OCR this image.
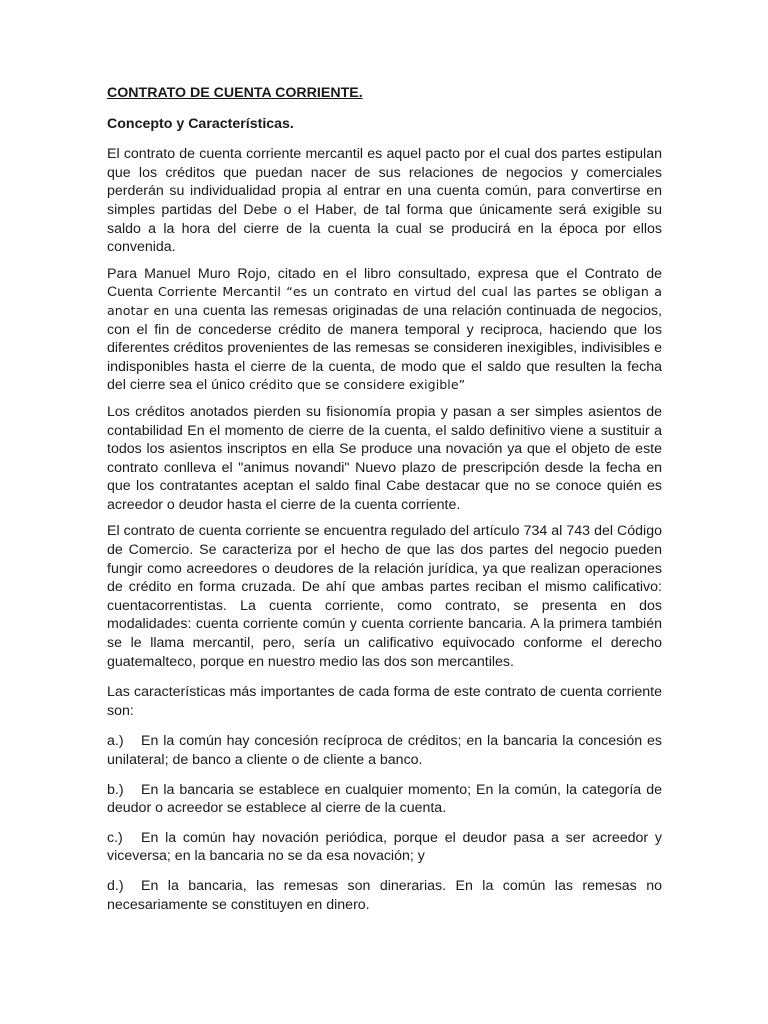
CONTRATO DE CUENTA CORRIENTE.
Concepto y Características.
El contrato de cuenta corriente mercantil es aquel pacto por el cual dos partes estipulan que los créditos que puedan nacer de sus relaciones de negocios y comerciales perderán su individualidad propia al entrar en una cuenta común, para convertirse en simples partidas del Debe o el Haber, de tal forma que únicamente será exigible su saldo a la hora del cierre de la cuenta la cual se producirá en la época por ellos convenida.
Para Manuel Muro Rojo, citado en el libro consultado, expresa que el Contrato de Cuenta Corriente Mercantil “es un contrato en virtud del cual las partes se obligan a anotar en una cuenta las remesas originadas de una relación continuada de negocios, con el fin de concederse crédito de manera temporal y reciproca, haciendo que los diferentes créditos provenientes de las remesas se consideren inexigibles, indivisibles e indisponibles hasta el cierre de la cuenta, de modo que el saldo que resulten la fecha del cierre sea el único crédito que se considere exigible”
Los créditos anotados pierden su fisionomía propia y pasan a ser simples asientos de contabilidad En el momento de cierre de la cuenta, el saldo definitivo viene a sustituir a todos los asientos inscriptos en ella Se produce una novación ya que el objeto de este contrato conlleva el "animus novandi" Nuevo plazo de prescripción desde la fecha en que los contratantes aceptan el saldo final Cabe destacar que no se conoce quién es acreedor o deudor hasta el cierre de la cuenta corriente.
El contrato de cuenta corriente se encuentra regulado del artículo 734 al 743 del Código de Comercio. Se caracteriza por el hecho de que las dos partes del negocio pueden fungir como acreedores o deudores de la relación jurídica, ya que realizan operaciones de crédito en forma cruzada. De ahí que ambas partes reciban el mismo calificativo: cuentacorrentistas. La cuenta corriente, como contrato, se presenta en dos modalidades: cuenta corriente común y cuenta corriente bancaria. A la primera también se le llama mercantil, pero, sería un calificativo equivocado conforme el derecho guatemalteco, porque en nuestro medio las dos son mercantiles.
Las características más importantes de cada forma de este contrato de cuenta corriente son:
a.) En la común hay concesión recíproca de créditos; en la bancaria la concesión es unilateral; de banco a cliente o de cliente a banco.
b.) En la bancaria se establece en cualquier momento; En la común, la categoría de deudor o acreedor se establece al cierre de la cuenta.
c.) En la común hay novación periódica, porque el deudor pasa a ser acreedor y viceversa; en la bancaria no se da esa novación; y
d.) En la bancaria, las remesas son dinerarias. En la común las remesas no necesariamente se constituyen en dinero.
